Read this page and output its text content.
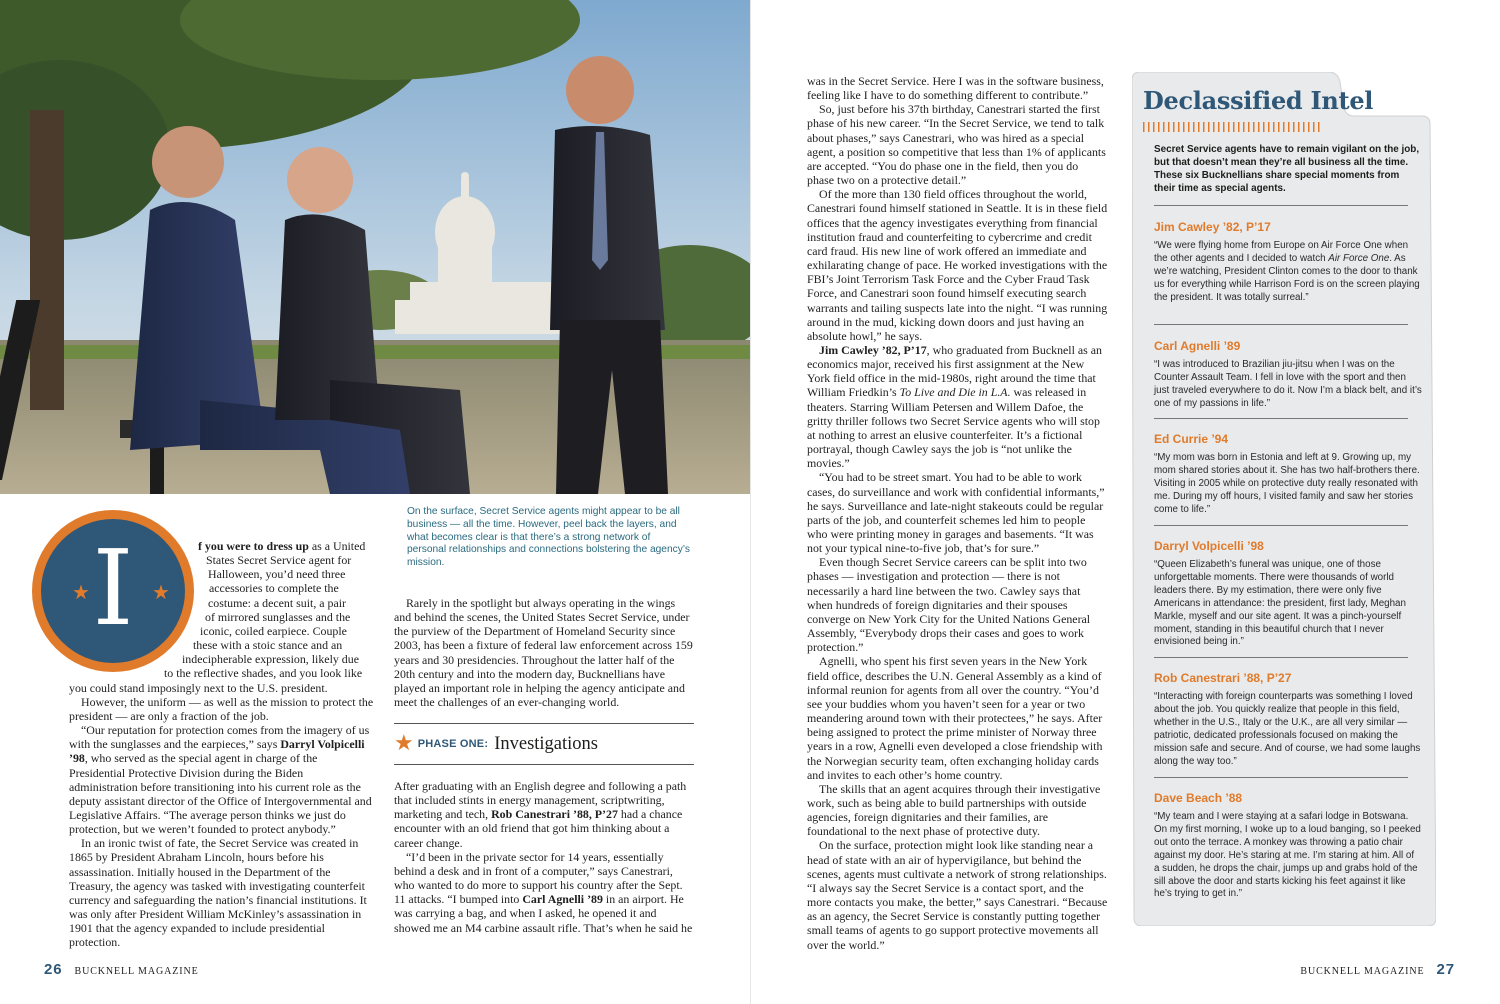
On the surface, Secret Service agents might appear to be all business — all the time. However, peel back the layers, and what becomes clear is that there’s a strong network of personal relationships and connections bolstering the agency’s mission.
★ I ★

f you were to dress up as a United
States Secret Service agent for
Halloween, you’d need three
accessories to complete the
costume: a decent suit, a pair
of mirrored sunglasses and the
iconic, coiled earpiece. Couple
these with a stoic stance and an
indecipherable expression, likely due
to the reflective shades, and you look like
you could stand imposingly next to the U.S. president.

However, the uniform — as well as the mission to protect the president — are only a fraction of the job.

“Our reputation for protection comes from the imagery of us with the sunglasses and the earpieces,” says Darryl Volpicelli ’98, who served as the special agent in charge of the Presidential Protective Division during the Biden administration before transitioning into his current role as the deputy assistant director of the Office of Intergovernmental and Legislative Affairs. “The average person thinks we just do protection, but we weren’t founded to protect anybody.”

In an ironic twist of fate, the Secret Service was created in 1865 by President Abraham Lincoln, hours before his assassination. Initially housed in the Department of the Treasury, the agency was tasked with investigating counterfeit currency and safeguarding the nation’s financial institutions. It was only after President William McKinley’s assassination in 1901 that the agency expanded to include presidential protection.

Rarely in the spotlight but always operating in the wings and behind the scenes, the United States Secret Service, under the purview of the Department of Homeland Security since 2003, has been a fixture of federal law enforcement across 159 years and 30 presidencies. Throughout the latter half of the 20th century and into the modern day, Bucknellians have played an important role in helping the agency anticipate and meet the challenges of an ever-changing world.

★ PHASE ONE: Investigations

After graduating with an English degree and following a path that included stints in energy management, scriptwriting, marketing and tech, Rob Canestrari ’88, P’27 had a chance encounter with an old friend that got him thinking about a career change.

“I’d been in the private sector for 14 years, essentially behind a desk and in front of a computer,” says Canestrari, who wanted to do more to support his country after the Sept. 11 attacks. “I bumped into Carl Agnelli ’89 in an airport. He was carrying a bag, and when I asked, he opened it and showed me an M4 carbine assault rifle. That’s when he said he

was in the Secret Service. Here I was in the software business, feeling like I have to do something different to contribute.”

So, just before his 37th birthday, Canestrari started the first phase of his new career. “In the Secret Service, we tend to talk about phases,” says Canestrari, who was hired as a special agent, a position so competitive that less than 1% of applicants are accepted. “You do phase one in the field, then you do phase two on a protective detail.”

Of the more than 130 field offices throughout the world, Canestrari found himself stationed in Seattle. It is in these field offices that the agency investigates everything from financial institution fraud and counterfeiting to cybercrime and credit card fraud. His new line of work offered an immediate and exhilarating change of pace. He worked investigations with the FBI’s Joint Terrorism Task Force and the Cyber Fraud Task Force, and Canestrari soon found himself executing search warrants and tailing suspects late into the night. “I was running around in the mud, kicking down doors and just having an absolute howl,” he says.

Jim Cawley ’82, P’17, who graduated from Bucknell as an economics major, received his first assignment at the New York field office in the mid-1980s, right around the time that William Friedkin’s To Live and Die in L.A. was released in theaters. Starring William Petersen and Willem Dafoe, the gritty thriller follows two Secret Service agents who will stop at nothing to arrest an elusive counterfeiter. It’s a fictional portrayal, though Cawley says the job is “not unlike the movies.”

“You had to be street smart. You had to be able to work cases, do surveillance and work with confidential informants,” he says. Surveillance and late-night stakeouts could be regular parts of the job, and counterfeit schemes led him to people who were printing money in garages and basements. “It was not your typical nine-to-five job, that’s for sure.”

Even though Secret Service careers can be split into two phases — investigation and protection — there is not necessarily a hard line between the two. Cawley says that when hundreds of foreign dignitaries and their spouses converge on New York City for the United Nations General Assembly, “Everybody drops their cases and goes to work protection.”

Agnelli, who spent his first seven years in the New York field office, describes the U.N. General Assembly as a kind of informal reunion for agents from all over the country. “You’d see your buddies whom you haven’t seen for a year or two meandering around town with their protectees,” he says. After being assigned to protect the prime minister of Norway three years in a row, Agnelli even developed a close friendship with the Norwegian security team, often exchanging holiday cards and invites to each other’s home country.

The skills that an agent acquires through their investigative work, such as being able to build partnerships with outside agencies, foreign dignitaries and their families, are foundational to the next phase of protective duty.

On the surface, protection might look like standing near a head of state with an air of hypervigilance, but behind the scenes, agents must cultivate a network of strong relationships. “I always say the Secret Service is a contact sport, and the more contacts you make, the better,” says Canestrari. “Because as an agency, the Secret Service is constantly putting together small teams of agents to go support protective movements all over the world.”

Declassified Intel
Secret Service agents have to remain vigilant on the job, but that doesn’t mean they’re all business all the time. These six Bucknellians share special moments from their time as special agents.
Jim Cawley ’82, P’17
“We were flying home from Europe on Air Force One when the other agents and I decided to watch Air Force One. As we’re watching, President Clinton comes to the door to thank us for everything while Harrison Ford is on the screen playing the president. It was totally surreal.”
Carl Agnelli ’89
“I was introduced to Brazilian jiu-jitsu when I was on the Counter Assault Team. I fell in love with the sport and then just traveled everywhere to do it. Now I’m a black belt, and it’s one of my passions in life.”
Ed Currie ’94
“My mom was born in Estonia and left at 9. Growing up, my mom shared stories about it. She has two half-brothers there. Visiting in 2005 while on protective duty really resonated with me. During my off hours, I visited family and saw her stories come to life.”
Darryl Volpicelli ’98
“Queen Elizabeth’s funeral was unique, one of those unforgettable moments. There were thousands of world leaders there. By my estimation, there were only five Americans in attendance: the president, first lady, Meghan Markle, myself and our site agent. It was a pinch-yourself moment, standing in this beautiful church that I never envisioned being in.”
Rob Canestrari ’88, P’27
“Interacting with foreign counterparts was something I loved about the job. You quickly realize that people in this field, whether in the U.S., Italy or the U.K., are all very similar — patriotic, dedicated professionals focused on making the mission safe and secure. And of course, we had some laughs along the way too.”
Dave Beach ’88
“My team and I were staying at a safari lodge in Botswana. On my first morning, I woke up to a loud banging, so I peeked out onto the terrace. A monkey was throwing a patio chair against my door. He’s staring at me. I’m staring at him. All of a sudden, he drops the chair, jumps up and grabs hold of the sill above the door and starts kicking his feet against it like he’s trying to get in.”
26 BUCKNELL MAGAZINE	BUCKNELL MAGAZINE 27
